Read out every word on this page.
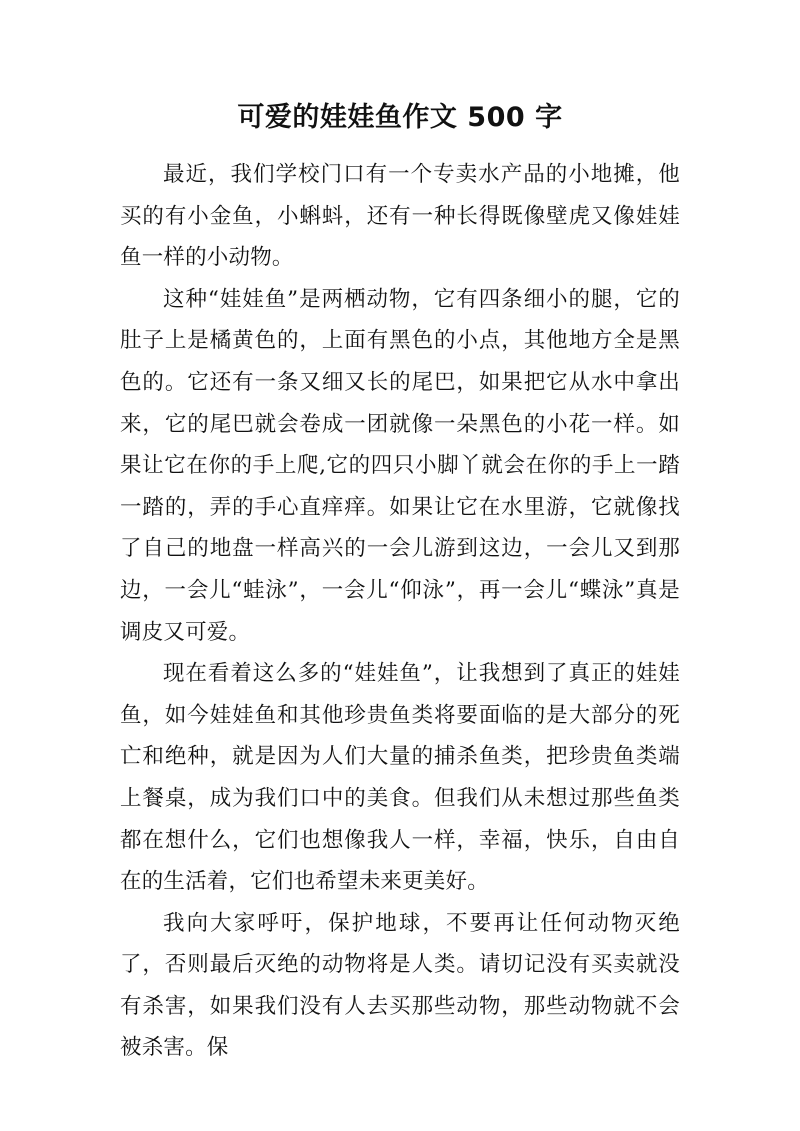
可爱的娃娃鱼作文 500 字

最近，我们学校门口有一个专卖水产品的小地摊，他买的有小金鱼，小蝌蚪，还有一种长得既像壁虎又像娃娃鱼一样的小动物。

这种“娃娃鱼”是两栖动物，它有四条细小的腿，它的肚子上是橘黄色的，上面有黑色的小点，其他地方全是黑色的。它还有一条又细又长的尾巴，如果把它从水中拿出来，它的尾巴就会卷成一团就像一朵黑色的小花一样。如果让它在你的手上爬,它的四只小脚丫就会在你的手上一踏一踏的，弄的手心直痒痒。如果让它在水里游，它就像找了自己的地盘一样高兴的一会儿游到这边，一会儿又到那边，一会儿“蛙泳”，一会儿“仰泳”，再一会儿“蝶泳”真是调皮又可爱。

现在看着这么多的“娃娃鱼”，让我想到了真正的娃娃鱼，如今娃娃鱼和其他珍贵鱼类将要面临的是大部分的死亡和绝种，就是因为人们大量的捕杀鱼类，把珍贵鱼类端上餐桌，成为我们口中的美食。但我们从未想过那些鱼类都在想什么，它们也想像我人一样，幸福，快乐，自由自在的生活着，它们也希望未来更美好。

我向大家呼吁，保护地球，不要再让任何动物灭绝了，否则最后灭绝的动物将是人类。请切记没有买卖就没有杀害，如果我们没有人去买那些动物，那些动物就不会被杀害。保
